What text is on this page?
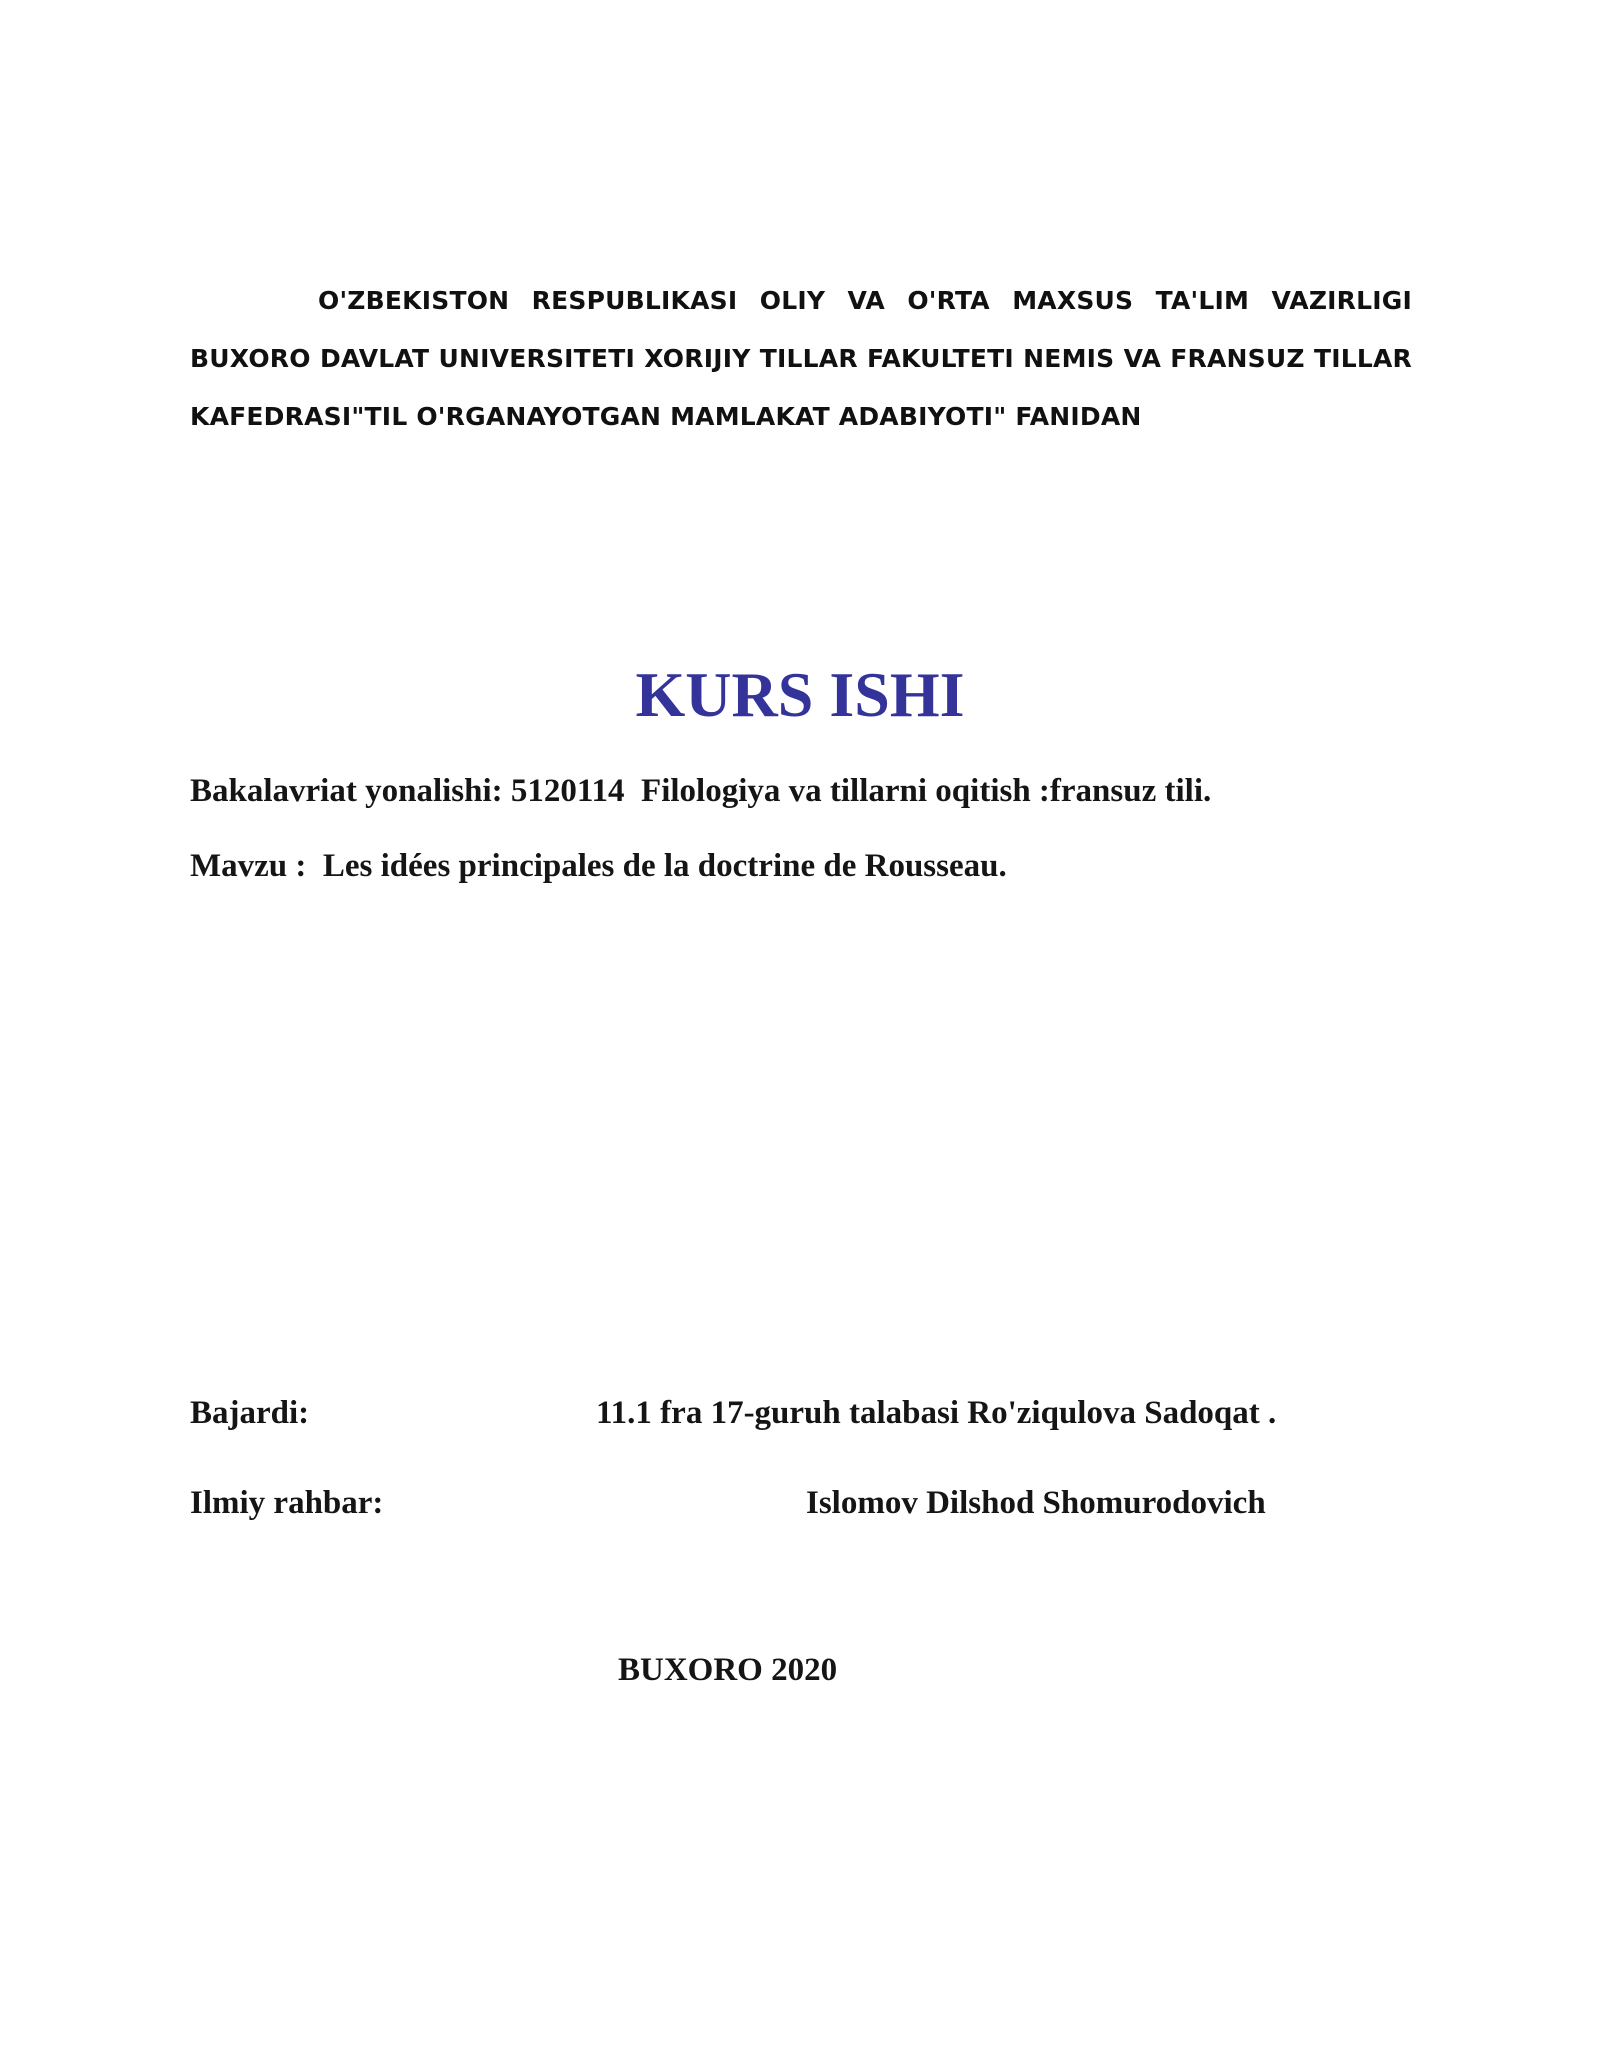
O'ZBEKISTON RESPUBLIKASI OLIY VA O'RTA MAXSUS TA'LIM VAZIRLIGI BUXORO DAVLAT UNIVERSITETI XORIJIY TILLAR FAKULTETI NEMIS VA FRANSUZ TILLAR KAFEDRASI"TIL O'RGANAYOTGAN MAMLAKAT ADABIYOTI" FANIDAN
KURS ISHI
Bakalavriat yonalishi: 5120114  Filologiya va tillarni oqitish :fransuz tili.
Mavzu :  Les idées principales de la doctrine de Rousseau.
Bajardi:	11.1 fra 17-guruh talabasi Ro'ziqulova Sadoqat .
Ilmiy rahbar:	Islomov Dilshod Shomurodovich
BUXORO 2020
